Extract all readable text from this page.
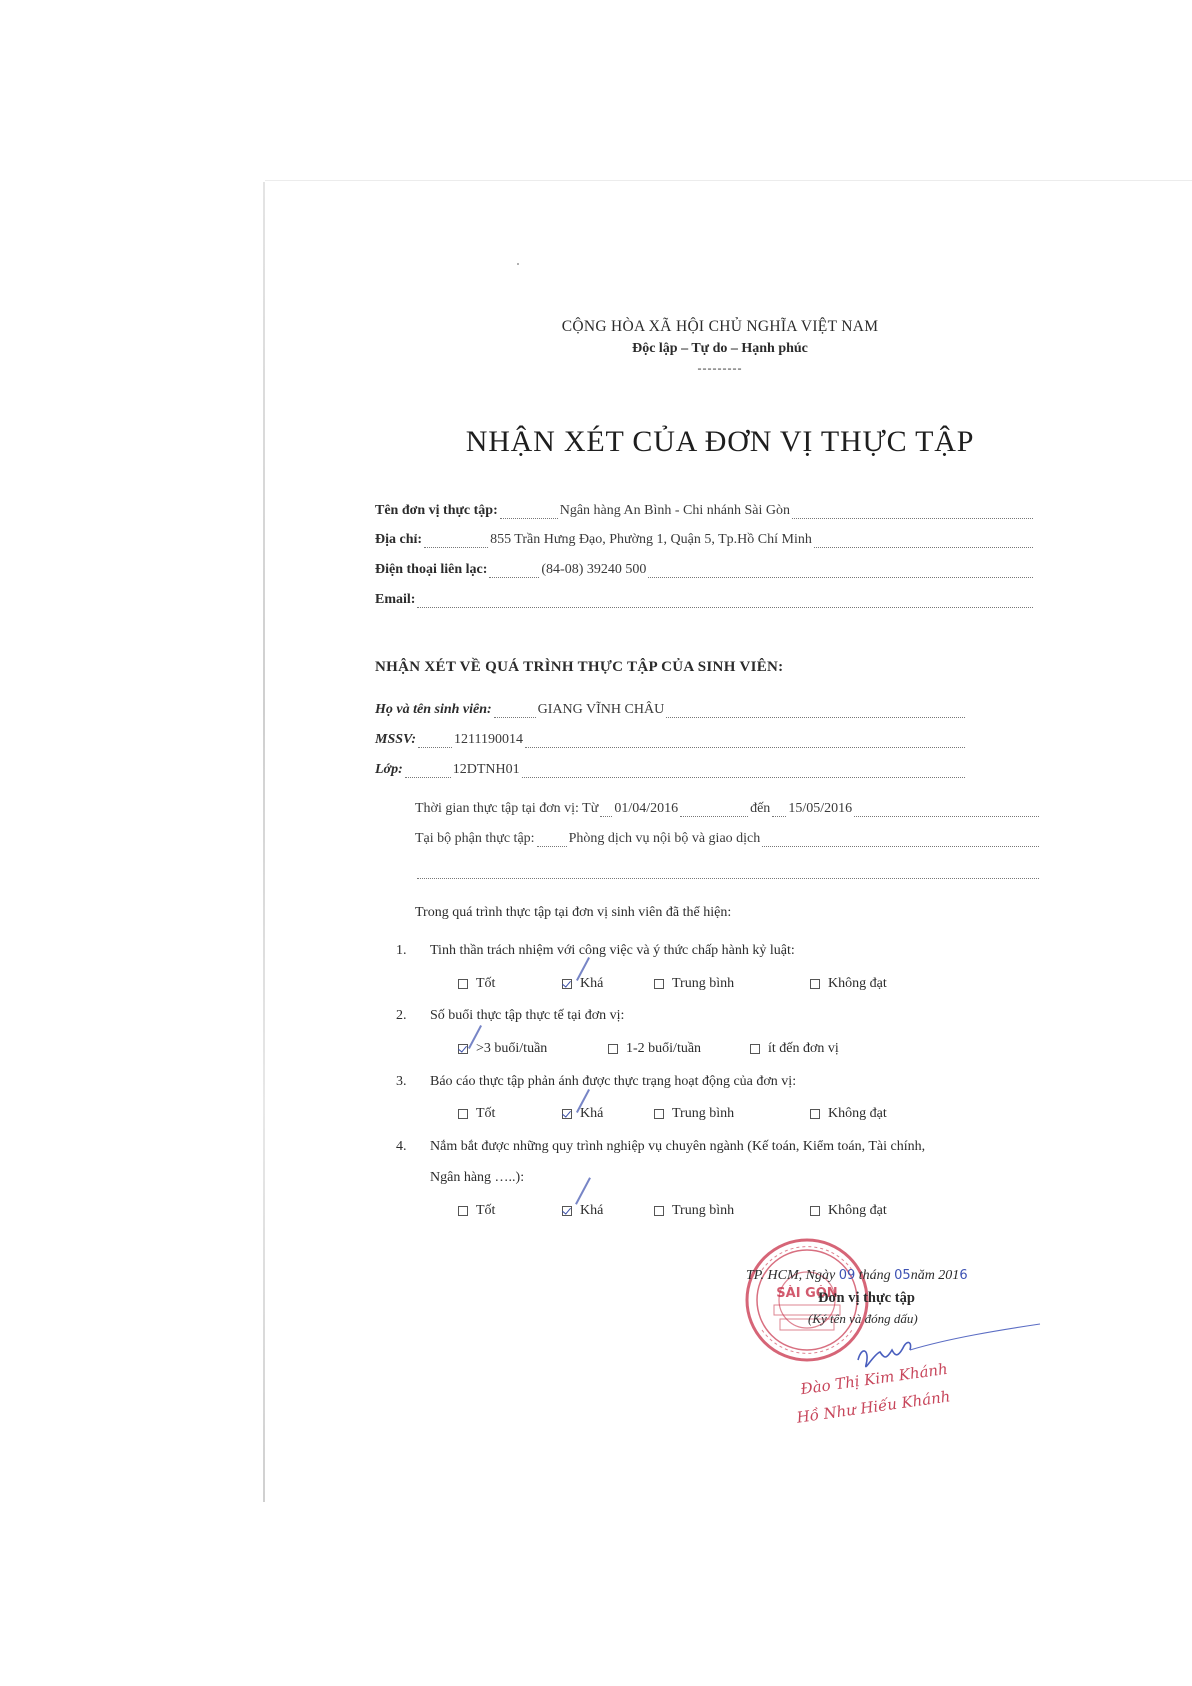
CỘNG HÒA XÃ HỘI CHỦ NGHĨA VIỆT NAM
Độc lập – Tự do – Hạnh phúc
---------
NHẬN XÉT CỦA ĐƠN VỊ THỰC TẬP
Tên đơn vị thực tập:	Ngân hàng An Bình - Chi nhánh Sài Gòn
Địa chỉ:	855 Trần Hưng Đạo, Phường 1, Quận 5, Tp.Hồ Chí Minh
Điện thoại liên lạc:	(84-08) 39240 500
Email:
NHẬN XÉT VỀ QUÁ TRÌNH THỰC TẬP CỦA SINH VIÊN:
Họ và tên sinh viên:	GIANG VĨNH CHÂU
MSSV:	1211190014
Lớp:	12DTNH01
Thời gian thực tập tại đơn vị: Từ 01/04/2016	đến 15/05/2016
Tại bộ phận thực tập: Phòng dịch vụ nội bộ và giao dịch
Trong quá trình thực tập tại đơn vị sinh viên đã thể hiện:
1. Tinh thần trách nhiệm với công việc và ý thức chấp hành kỷ luật:
Tốt	Khá	Trung bình	Không đạt
2. Số buổi thực tập thực tế tại đơn vị:
>3 buổi/tuần	1-2 buổi/tuần	ít đến đơn vị
3. Báo cáo thực tập phản ánh được thực trạng hoạt động của đơn vị:
Tốt	Khá	Trung bình	Không đạt
4. Nắm bắt được những quy trình nghiệp vụ chuyên ngành (Kế toán, Kiểm toán, Tài chính,
Ngân hàng …..):
Tốt	Khá	Trung bình	Không đạt
SÀI GÒN
TP. HCM, Ngày 09 tháng 05năm 2016
Đơn vị thực tập
(Ký tên và đóng dấu)
Đào Thị Kim Khánh
Hồ Như Hiếu Khánh
